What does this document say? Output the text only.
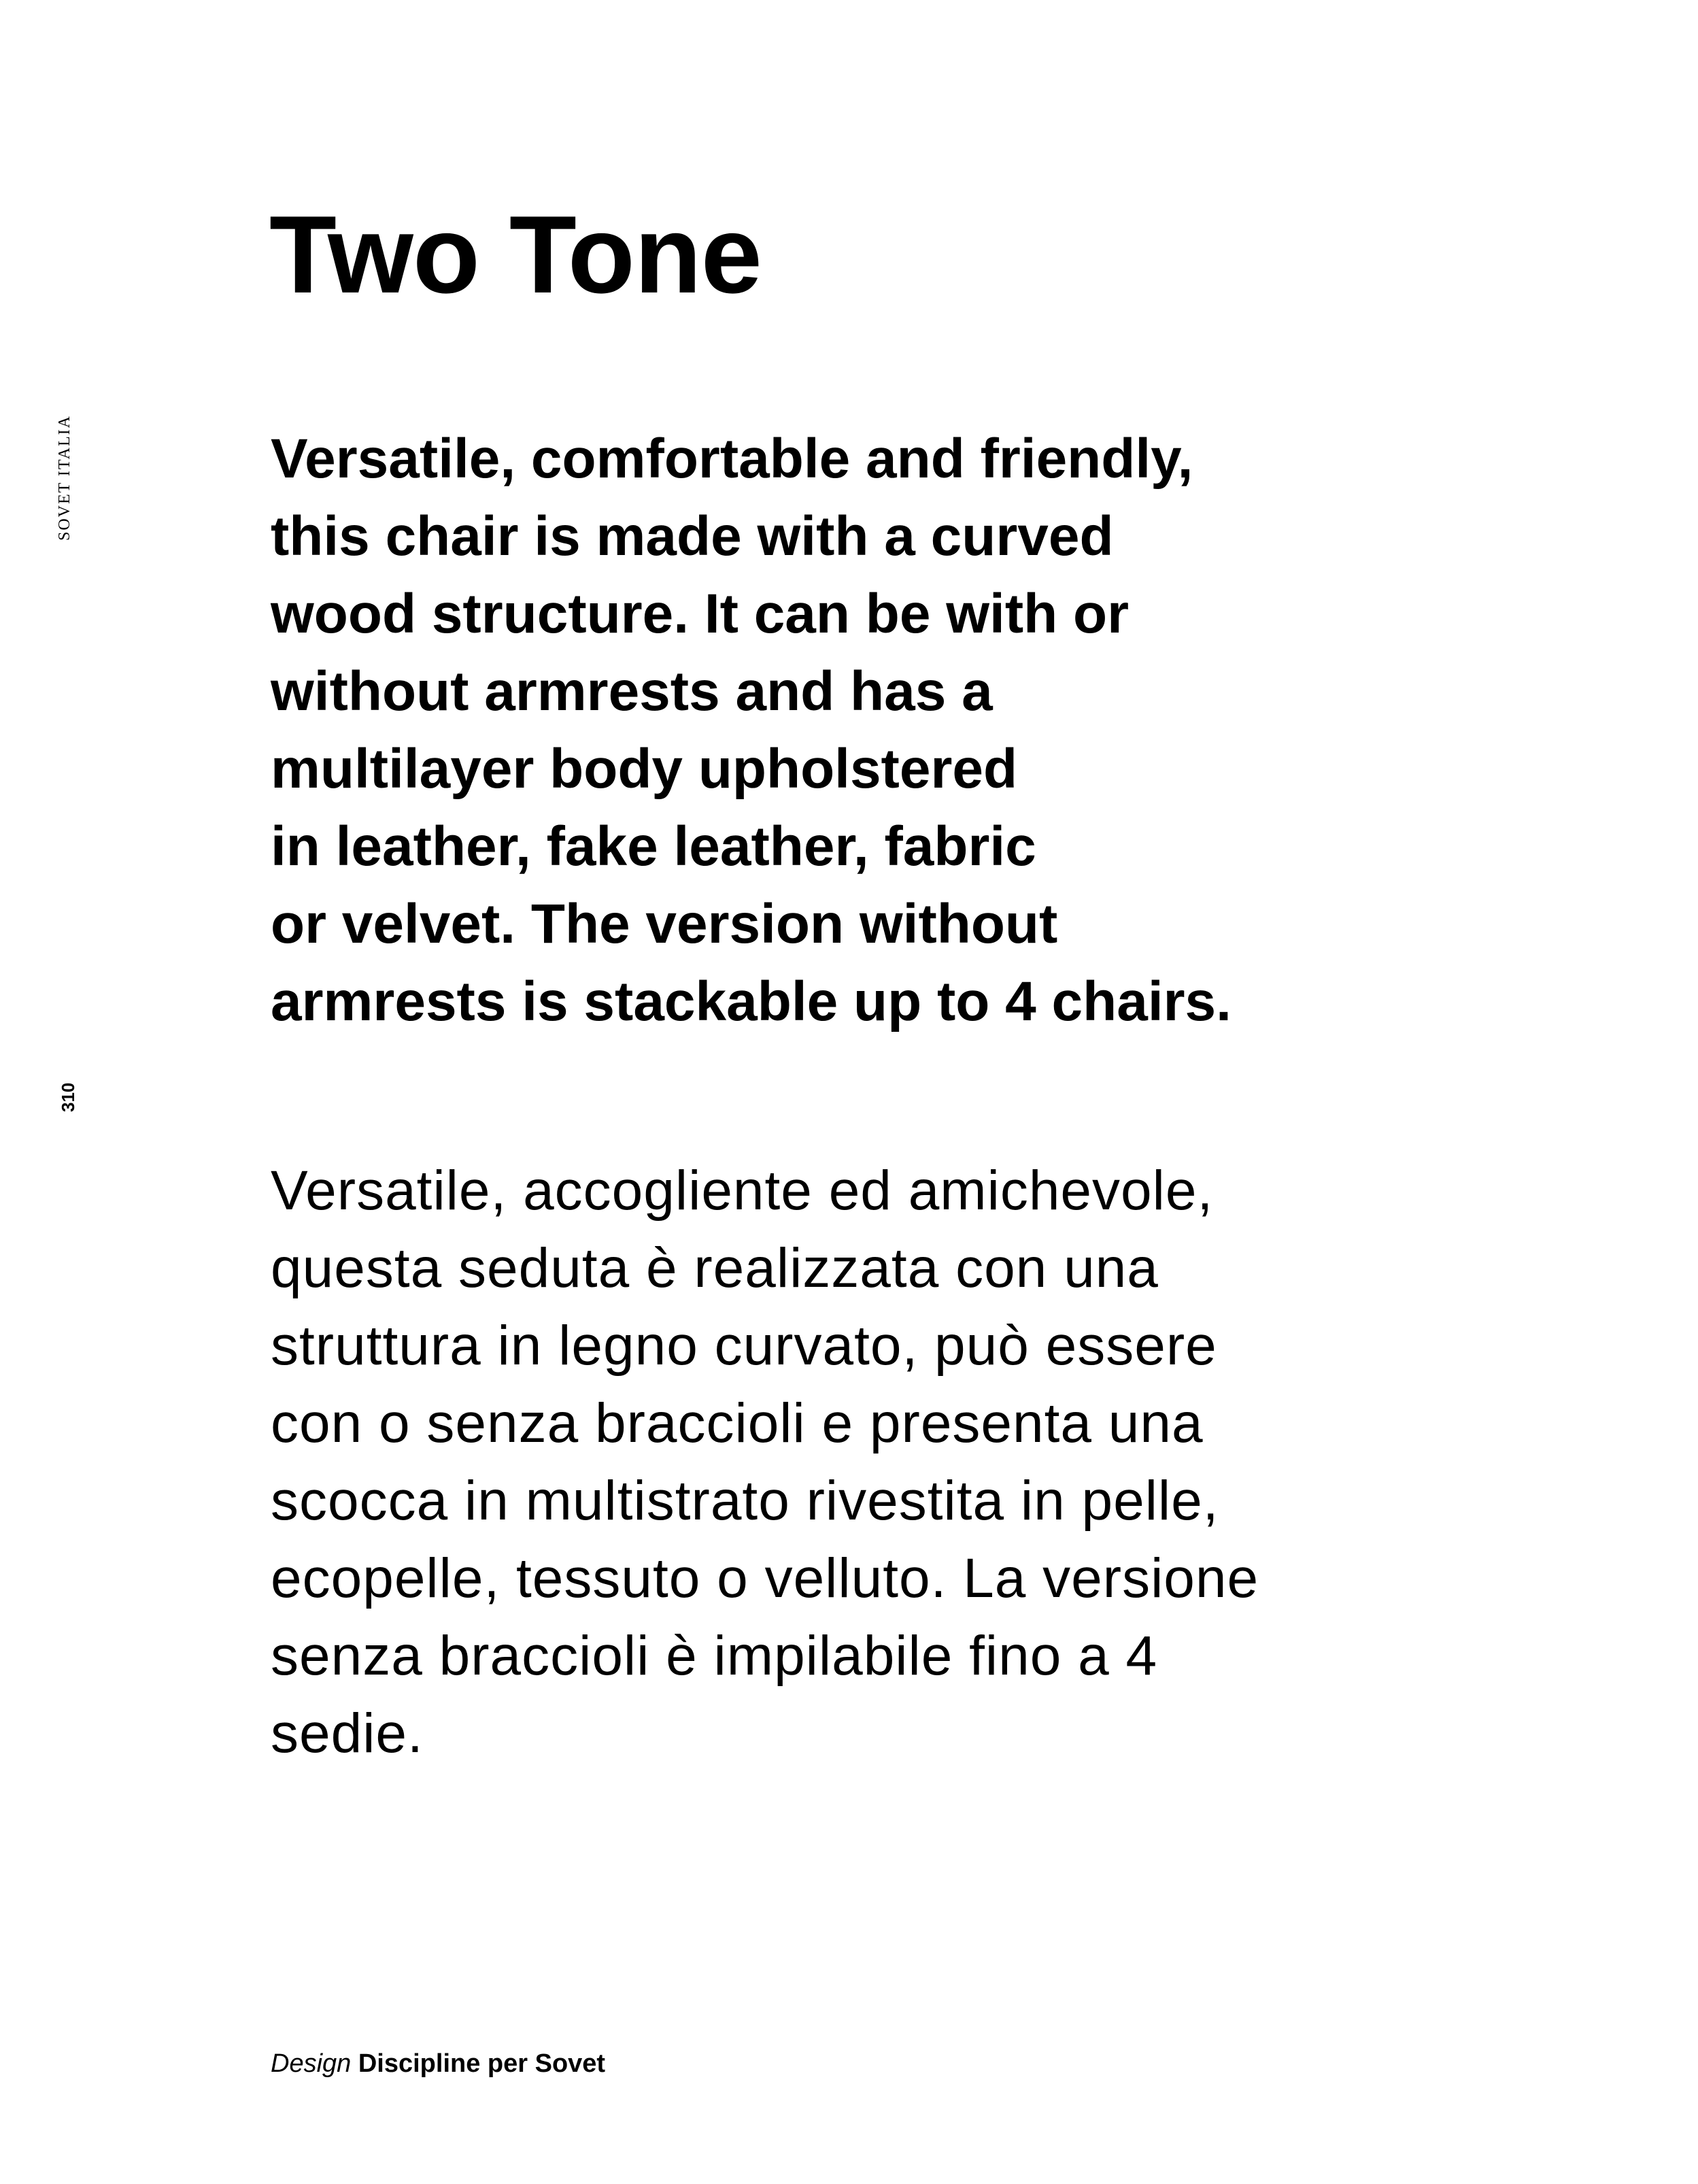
SOVET ITALIA
310
Two Tone
Versatile, comfortable and friendly,
this chair is made with a curved
wood structure. It can be with or
without armrests and has a
multilayer body upholstered
in leather, fake leather, fabric
or velvet. The version without
armrests is stackable up to 4 chairs.
Versatile, accogliente ed amichevole,
questa seduta è realizzata con una
struttura in legno curvato, può essere
con o senza braccioli e presenta una
scocca in multistrato rivestita in pelle,
ecopelle, tessuto o velluto. La versione
senza braccioli è impilabile fino a 4
sedie.
Design Discipline per Sovet
